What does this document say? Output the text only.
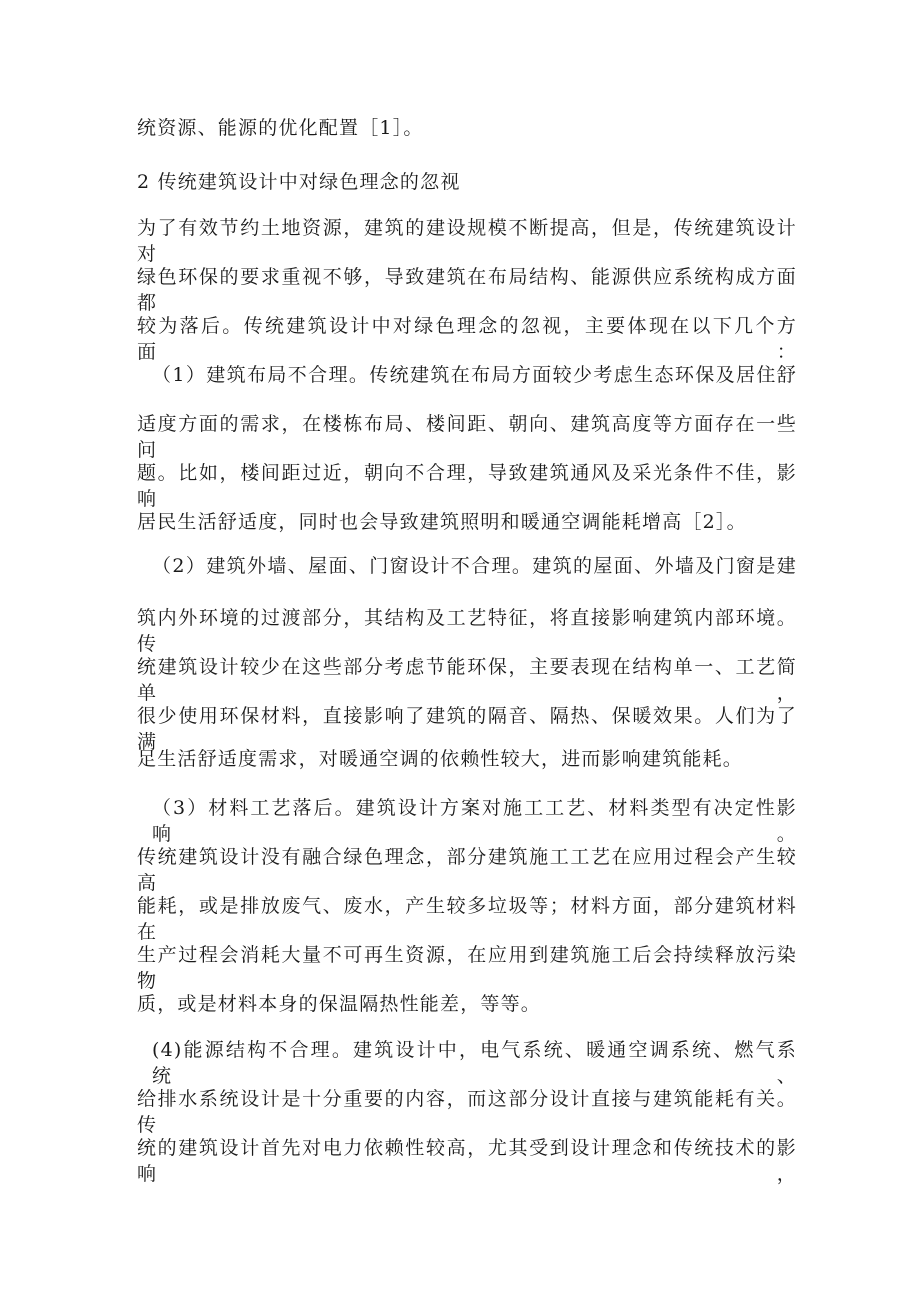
统资源、能源的优化配置［1］。
2 传统建筑设计中对绿色理念的忽视
为了有效节约土地资源，建筑的建设规模不断提高，但是，传统建筑设计对
绿色环保的要求重视不够，导致建筑在布局结构、能源供应系统构成方面都
较为落后。传统建筑设计中对绿色理念的忽视，主要体现在以下几个方面：
（1）建筑布局不合理。传统建筑在布局方面较少考虑生态环保及居住舒
适度方面的需求，在楼栋布局、楼间距、朝向、建筑高度等方面存在一些问
题。比如，楼间距过近，朝向不合理，导致建筑通风及采光条件不佳，影响
居民生活舒适度，同时也会导致建筑照明和暖通空调能耗增高［2］。
（2）建筑外墙、屋面、门窗设计不合理。建筑的屋面、外墙及门窗是建
筑内外环境的过渡部分，其结构及工艺特征，将直接影响建筑内部环境。传
统建筑设计较少在这些部分考虑节能环保，主要表现在结构单一、工艺简单，
很少使用环保材料，直接影响了建筑的隔音、隔热、保暖效果。人们为了满
足生活舒适度需求，对暖通空调的依赖性较大，进而影响建筑能耗。
（3）材料工艺落后。建筑设计方案对施工工艺、材料类型有决定性影响。
传统建筑设计没有融合绿色理念，部分建筑施工工艺在应用过程会产生较高
能耗，或是排放废气、废水，产生较多垃圾等；材料方面，部分建筑材料在
生产过程会消耗大量不可再生资源，在应用到建筑施工后会持续释放污染物
质，或是材料本身的保温隔热性能差，等等。
(4)能源结构不合理。建筑设计中，电气系统、暖通空调系统、燃气系统、
给排水系统设计是十分重要的内容，而这部分设计直接与建筑能耗有关。传
统的建筑设计首先对电力依赖性较高，尤其受到设计理念和传统技术的影响，
